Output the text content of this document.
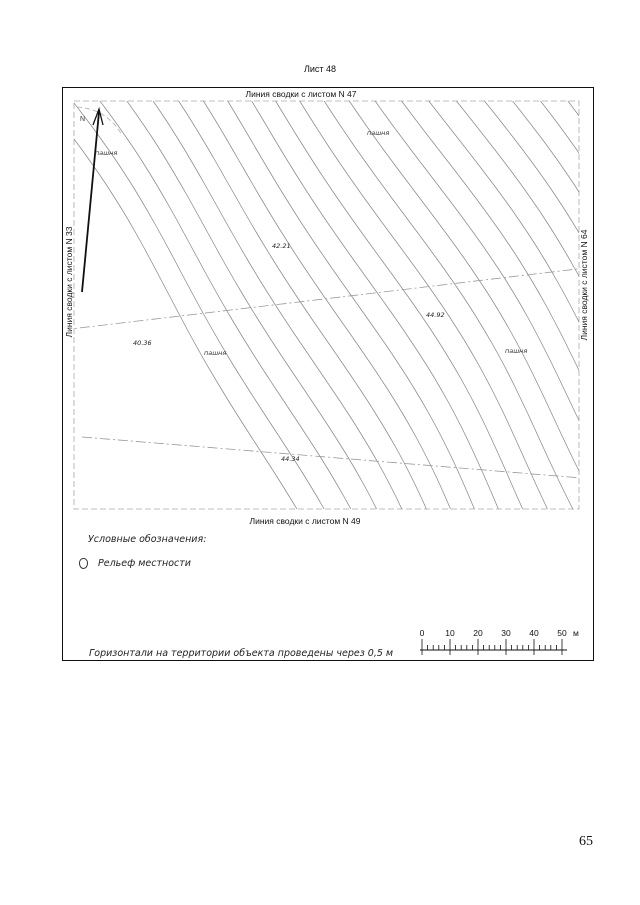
Лист 48
N
пашня
пашня
пашня	пашня
42.21
40.36
44.92
44.34
Линия сводки с листом N 47
Линия сводки с листом N 49
Линия сводки с листом N 33	Линия сводки с листом N 64
0 10 20 30 40 50 м
Условные обозначения:
Рельеф местности
Горизонтали на территории объекта проведены через 0,5 м
65
